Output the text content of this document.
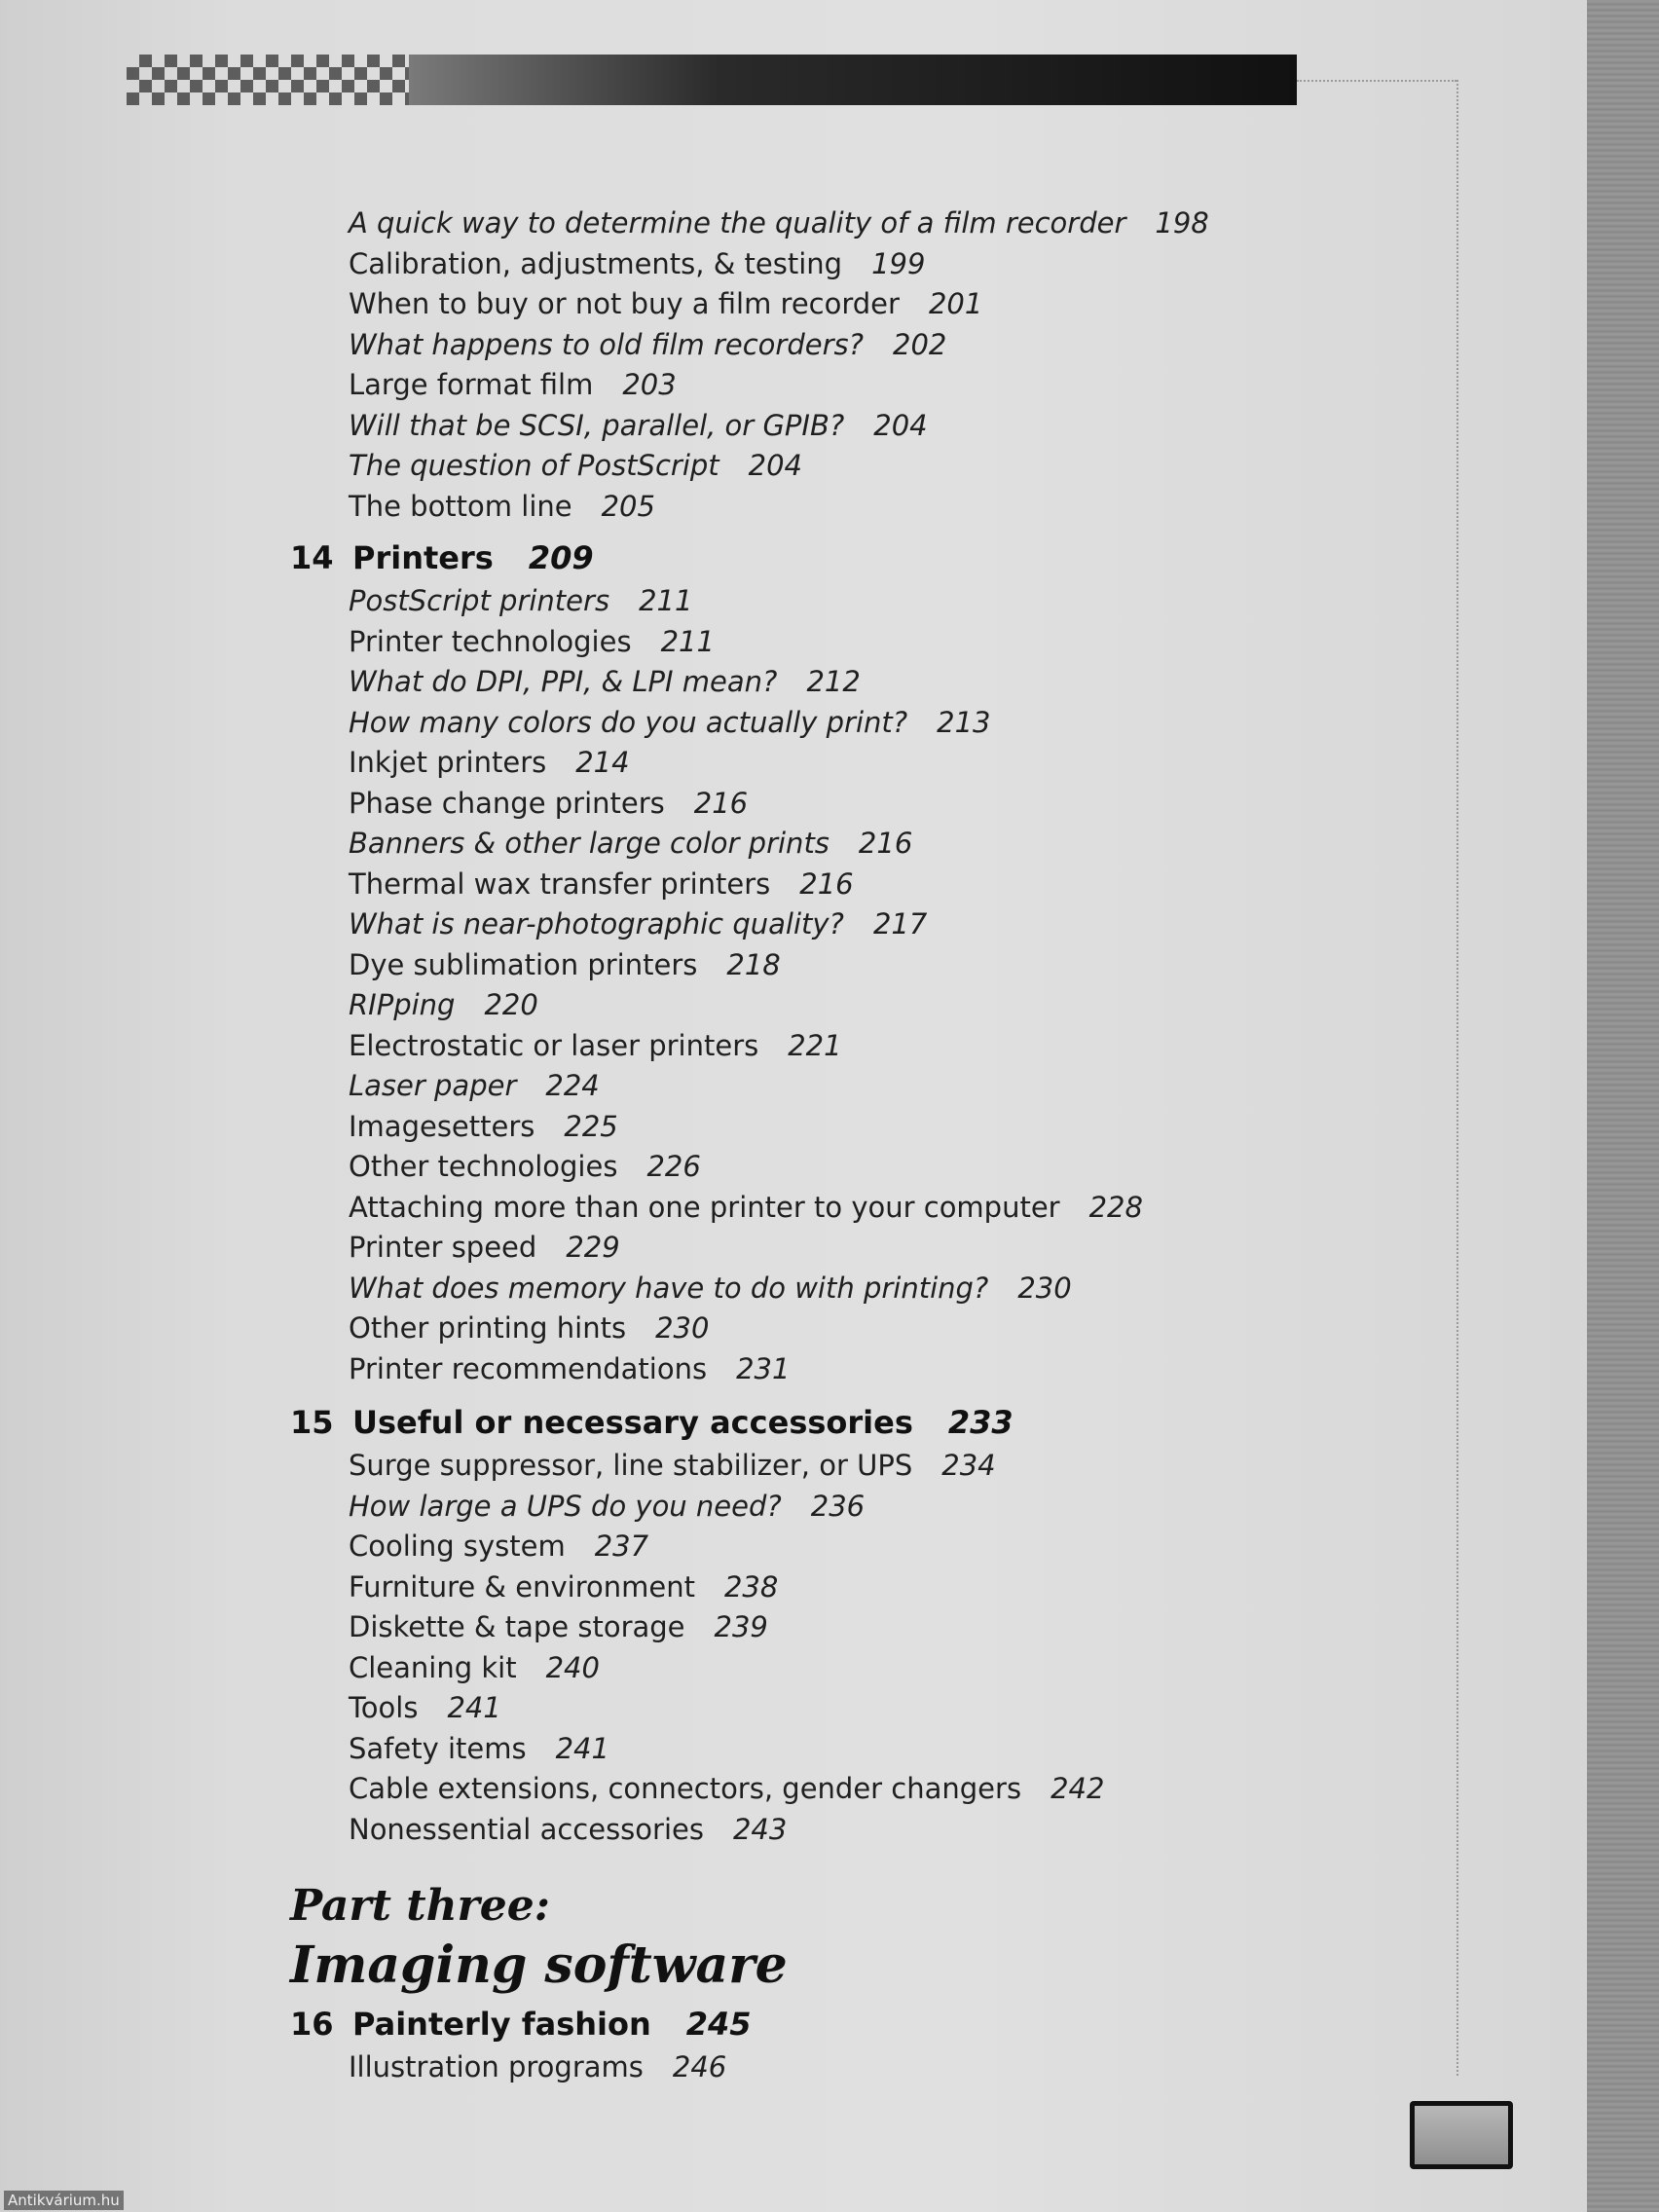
A quick way to determine the quality of a film recorder 198
Calibration, adjustments, & testing 199
When to buy or not buy a film recorder 201
What happens to old film recorders? 202
Large format film 203
Will that be SCSI, parallel, or GPIB? 204
The question of PostScript 204
The bottom line 205
14 Printers 209
PostScript printers 211
Printer technologies 211
What do DPI, PPI, & LPI mean? 212
How many colors do you actually print? 213
Inkjet printers 214
Phase change printers 216
Banners & other large color prints 216
Thermal wax transfer printers 216
What is near-photographic quality? 217
Dye sublimation printers 218
RIPping 220
Electrostatic or laser printers 221
Laser paper 224
Imagesetters 225
Other technologies 226
Attaching more than one printer to your computer 228
Printer speed 229
What does memory have to do with printing? 230
Other printing hints 230
Printer recommendations 231
15 Useful or necessary accessories 233
Surge suppressor, line stabilizer, or UPS 234
How large a UPS do you need? 236
Cooling system 237
Furniture & environment 238
Diskette & tape storage 239
Cleaning kit 240
Tools 241
Safety items 241
Cable extensions, connectors, gender changers 242
Nonessential accessories 243
16 Painterly fashion 245
Illustration programs 246
Part three:
Imaging software
Antikvárium.hu
